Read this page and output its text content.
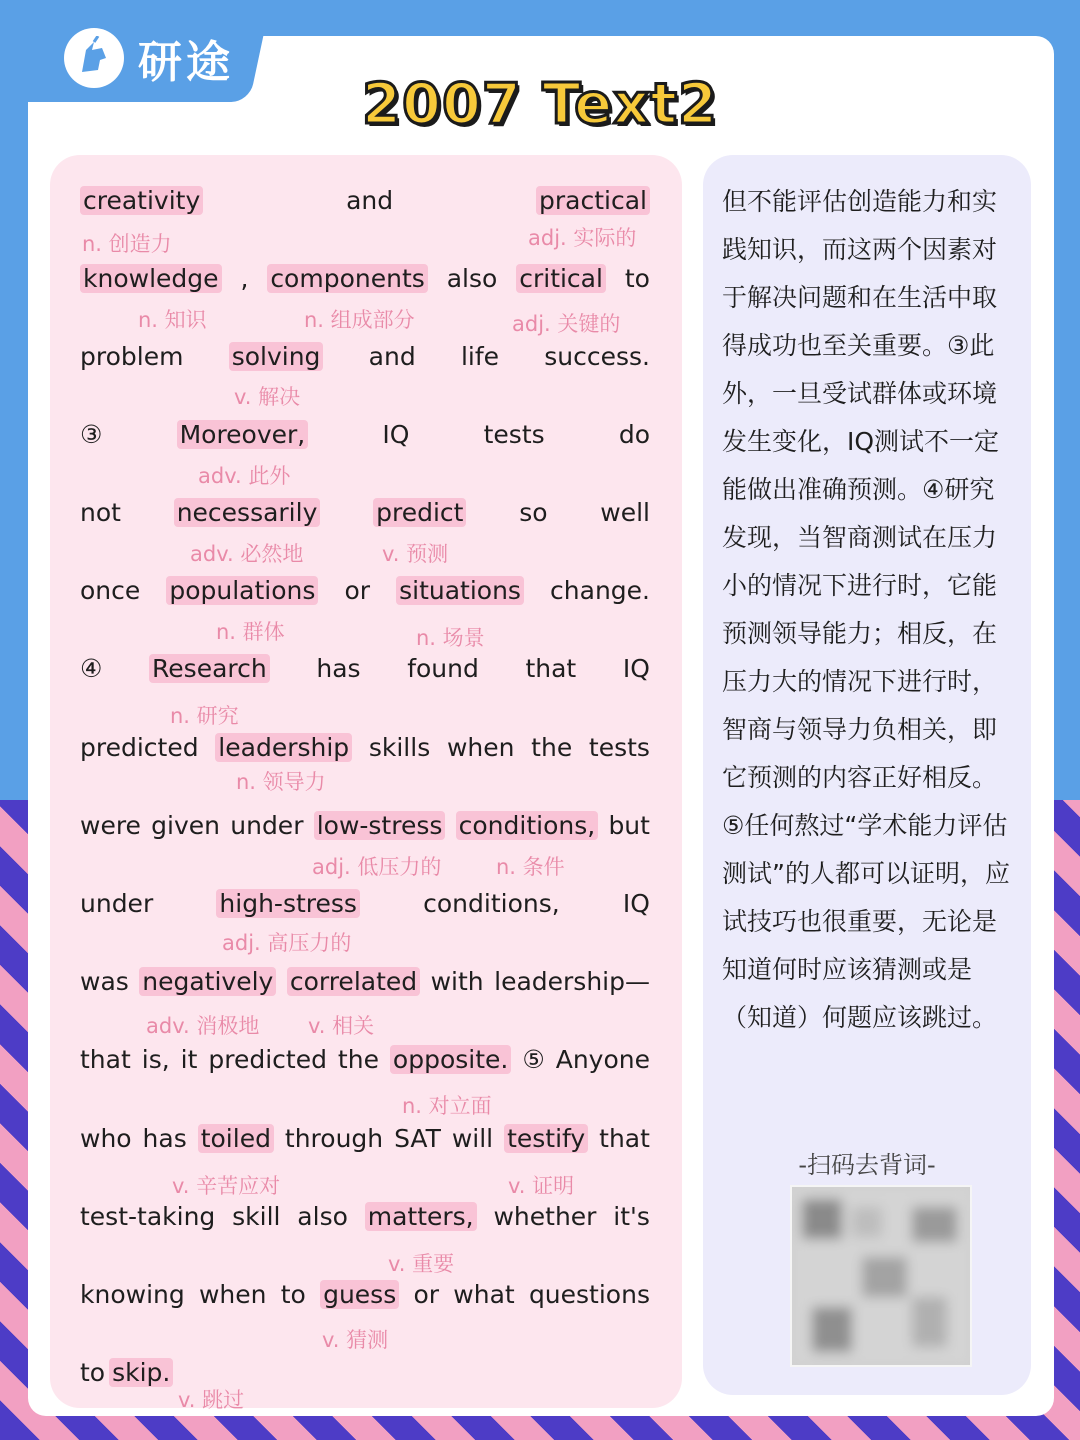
研途
2007 Text2
creativity	and	practical
knowledge , components also critical to
problem solving and life success.
③	Moreover,	IQ	tests	do
not necessarily predict so well
once populations or situations change.
④ Research has found that IQ
predicted leadership skills when the tests
were given under low-stress conditions, but
under	high-stress	conditions,	IQ
was negatively correlated with leadership—
that is, it predicted the opposite. ⑤ Anyone
who has toiled through SAT will testify that
test-taking skill also matters, whether it's
knowing when to guess or what questions
to skip.
n. 创造力	adj. 实际的
n. 知识	n. 组成部分	adj. 关键的
v. 解决
adv. 此外
adv. 必然地	v. 预测
n. 群体	n. 场景
n. 研究
n. 领导力
adj. 低压力的	n. 条件
adj. 高压力的
adv. 消极地 v. 相关
n. 对立面
v. 辛苦应对	v. 证明
v. 重要
v. 猜测
v. 跳过
但不能评估创造能力和实践知识，而这两个因素对于解决问题和在生活中取得成功也至关重要。③此外，一旦受试群体或环境发生变化，IQ测试不一定能做出准确预测。④研究发现，当智商测试在压力小的情况下进行时，它能预测领导能力；相反，在压力大的情况下进行时，智商与领导力负相关，即它预测的内容正好相反。⑤任何熬过“学术能力评估测试”的人都可以证明，应试技巧也很重要，无论是知道何时应该猜测或是（知道）何题应该跳过。
-扫码去背词-
